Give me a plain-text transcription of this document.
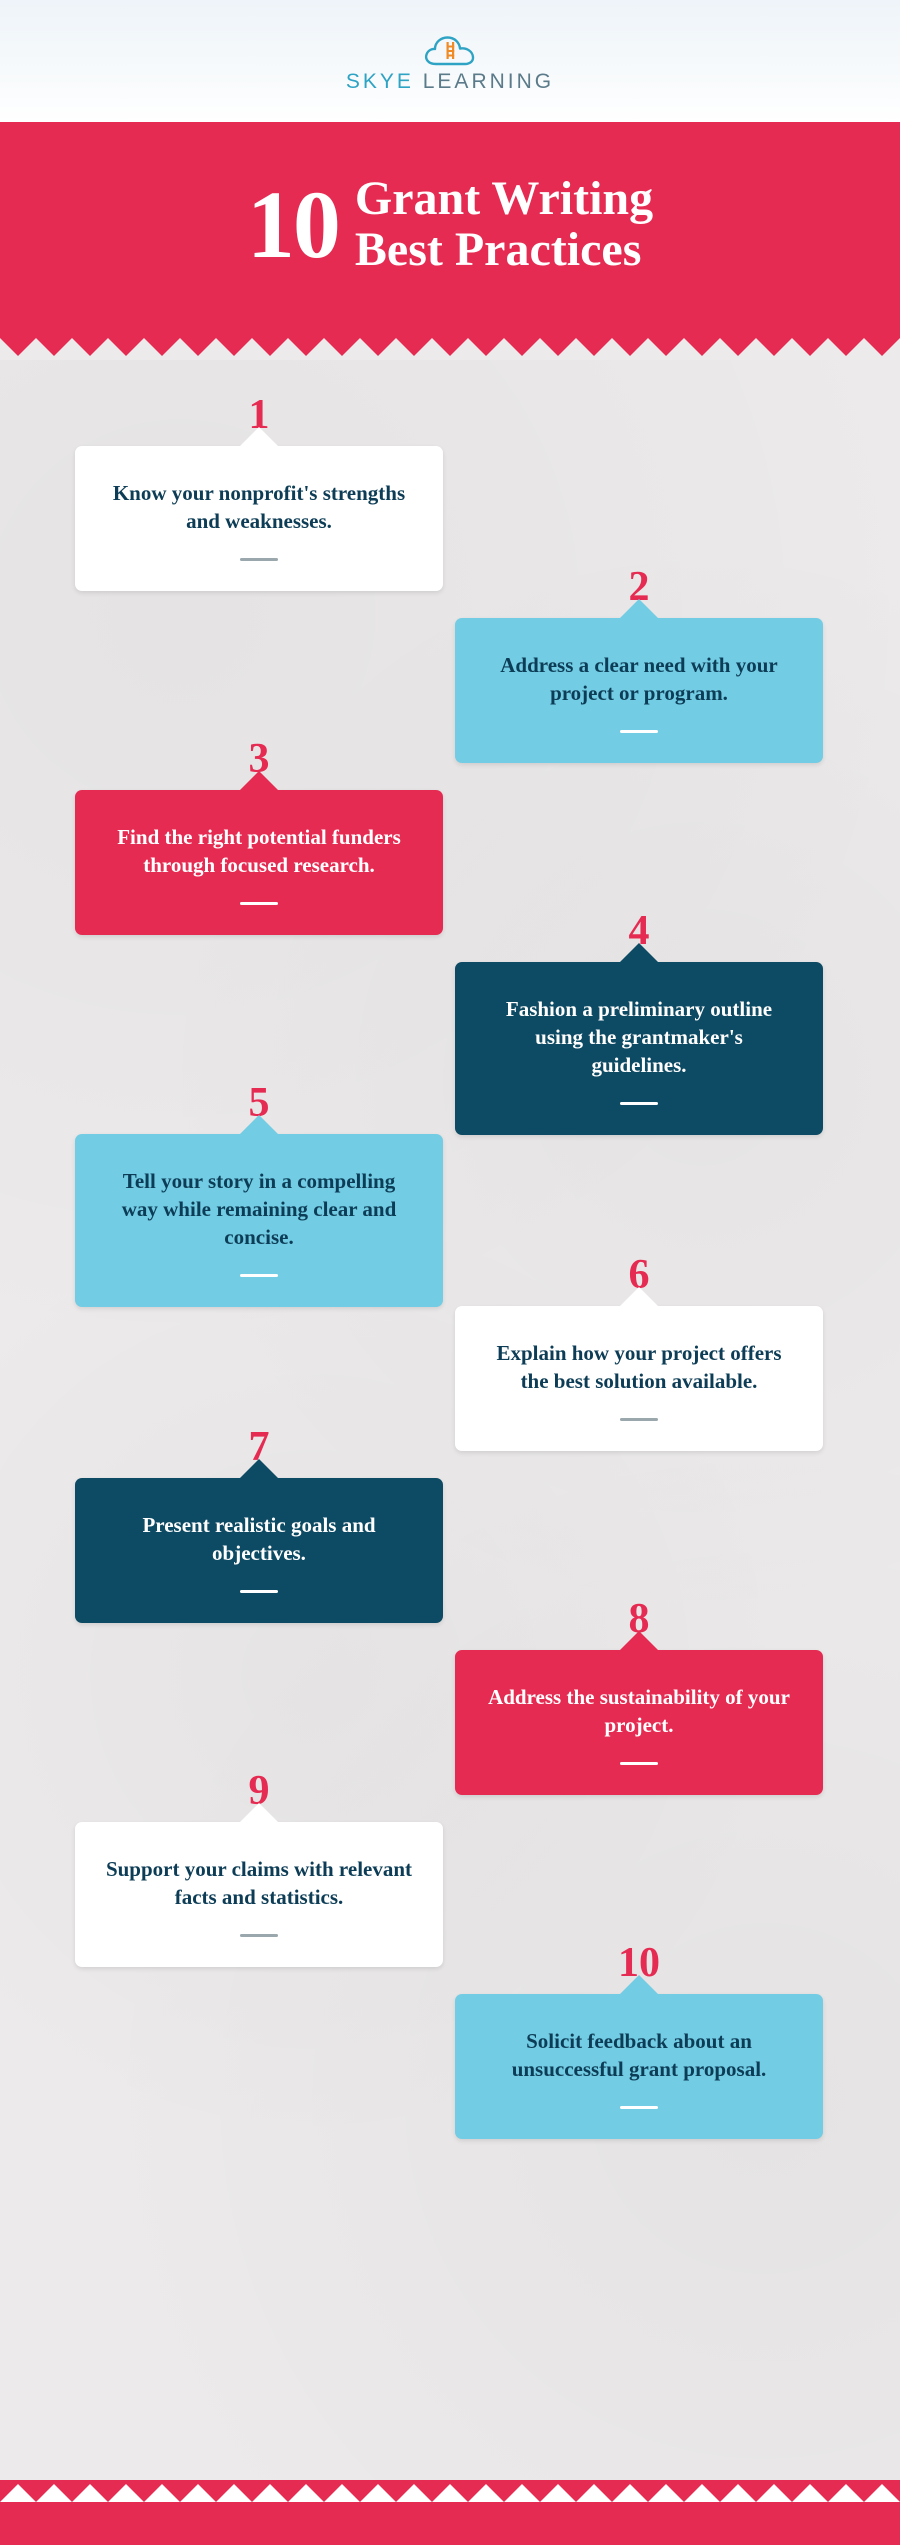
SKYE LEARNING
10 Grant Writing
Best Practices
1
Know your nonprofit's strengths and weaknesses.
2
Address a clear need with your project or program.
3
Find the right potential funders through focused research.
4
Fashion a preliminary outline using the grantmaker's guidelines.
5
Tell your story in a compelling way while remaining clear and concise.
6
Explain how your project offers the best solution available.
7
Present realistic goals and objectives.
8
Address the sustainability of your project.
9
Support your claims with relevant facts and statistics.
10
Solicit feedback about an unsuccessful grant proposal.
